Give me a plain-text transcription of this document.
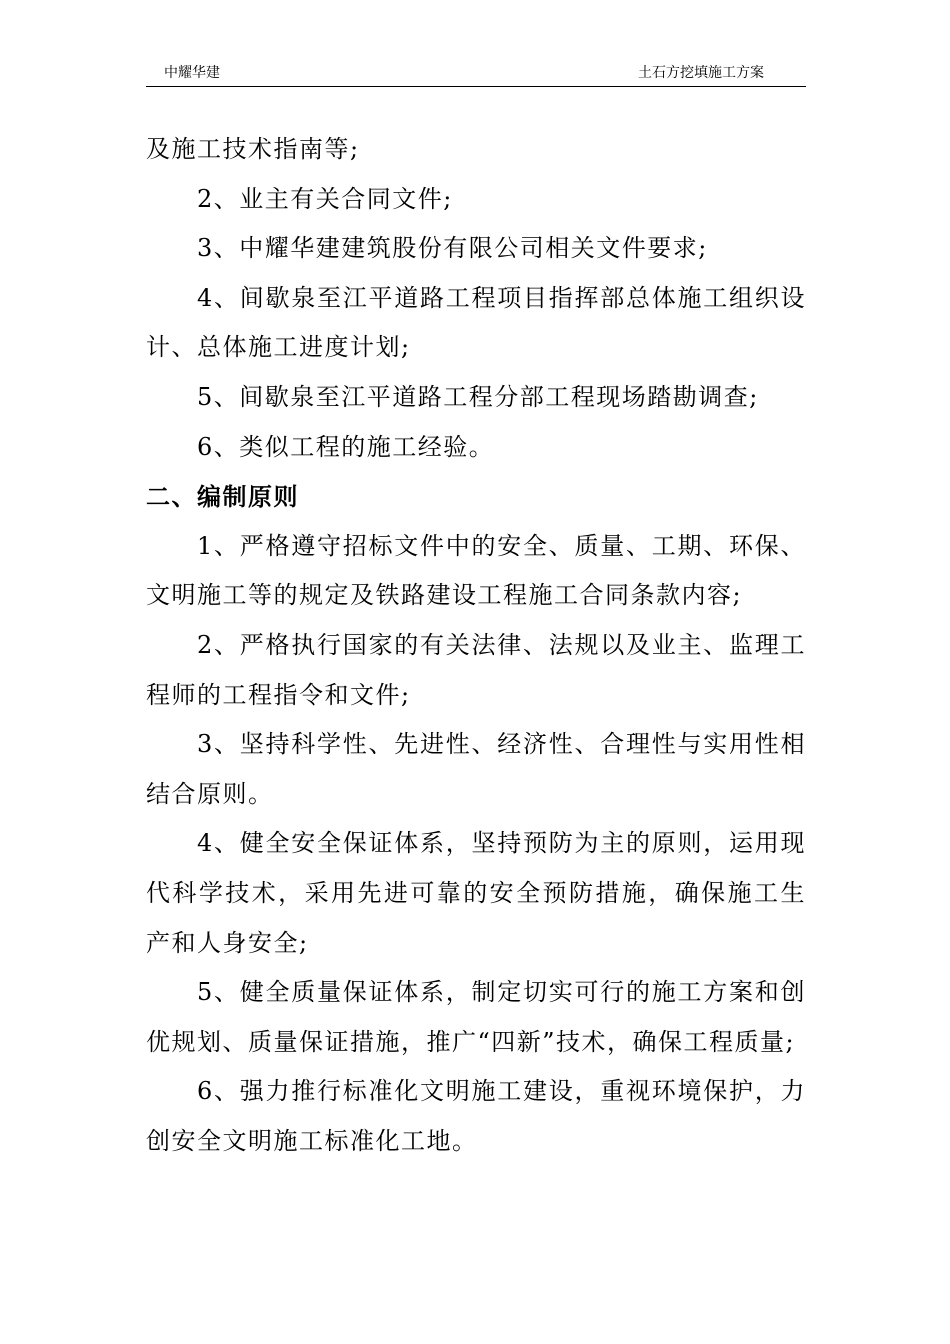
中耀华建	土石方挖填施工方案

及施工技术指南等;

2、业主有关合同文件;

3、中耀华建建筑股份有限公司相关文件要求;

4、间歇泉至江平道路工程项目指挥部总体施工组织设计、总体施工进度计划;

5、间歇泉至江平道路工程分部工程现场踏勘调查;

6、类似工程的施工经验。

二、编制原则

1、严格遵守招标文件中的安全、质量、工期、环保、文明施工等的规定及铁路建设工程施工合同条款内容;

2、严格执行国家的有关法律、法规以及业主、监理工程师的工程指令和文件;

3、坚持科学性、先进性、经济性、合理性与实用性相结合原则。

4、健全安全保证体系，坚持预防为主的原则，运用现代科学技术，采用先进可靠的安全预防措施，确保施工生产和人身安全;

5、健全质量保证体系，制定切实可行的施工方案和创优规划、质量保证措施，推广“四新”技术，确保工程质量;

6、强力推行标准化文明施工建设，重视环境保护，力创安全文明施工标准化工地。
